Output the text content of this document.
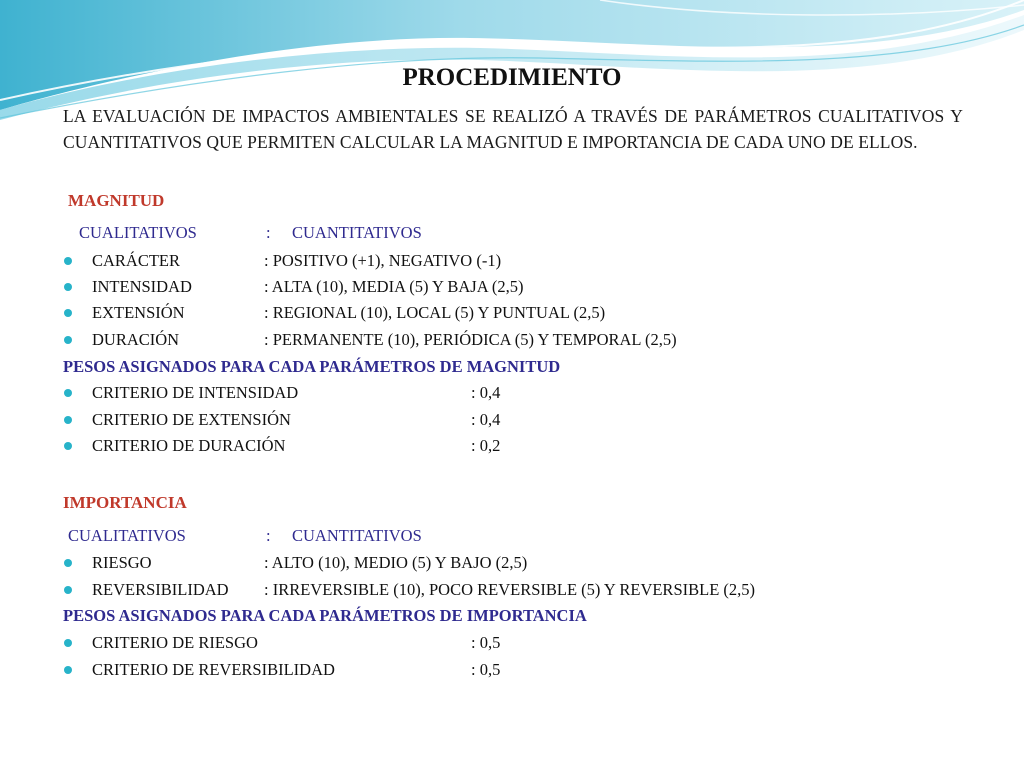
PROCEDIMIENTO
LA EVALUACIÓN DE IMPACTOS AMBIENTALES SE REALIZÓ A TRAVÉS DE PARÁMETROS CUALITATIVOS Y CUANTITATIVOS QUE PERMITEN CALCULAR LA MAGNITUD E IMPORTANCIA DE CADA UNO DE ELLOS.
MAGNITUD
CUALITATIVOS	: CUANTITATIVOS
CARÁCTER	: POSITIVO (+1), NEGATIVO (-1)
INTENSIDAD	: ALTA (10), MEDIA (5) Y BAJA (2,5)
EXTENSIÓN	: REGIONAL (10), LOCAL (5) Y PUNTUAL (2,5)
DURACIÓN	: PERMANENTE (10), PERIÓDICA (5) Y TEMPORAL (2,5)
PESOS ASIGNADOS PARA CADA PARÁMETROS DE MAGNITUD
CRITERIO DE INTENSIDAD	: 0,4
CRITERIO DE EXTENSIÓN	: 0,4
CRITERIO DE DURACIÓN	: 0,2
IMPORTANCIA
CUALITATIVOS	: CUANTITATIVOS
RIESGO	: ALTO (10), MEDIO (5) Y BAJO (2,5)
REVERSIBILIDAD : IRREVERSIBLE (10), POCO REVERSIBLE (5) Y REVERSIBLE (2,5)
PESOS ASIGNADOS PARA CADA PARÁMETROS DE IMPORTANCIA
CRITERIO DE RIESGO	: 0,5
CRITERIO DE REVERSIBILIDAD	: 0,5
